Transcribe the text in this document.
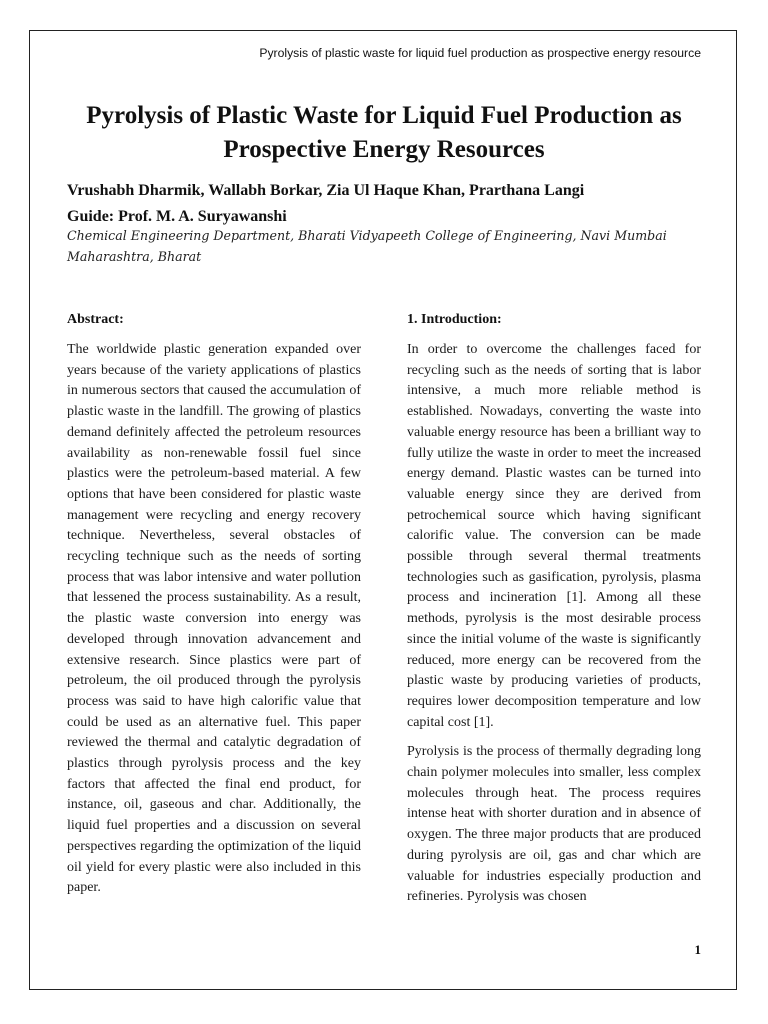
Pyrolysis of plastic waste for liquid fuel production as prospective energy resource
Pyrolysis of Plastic Waste for Liquid Fuel Production as
Prospective Energy Resources
Vrushabh Dharmik, Wallabh Borkar, Zia Ul Haque Khan, Prarthana Langi
Guide: Prof. M. A. Suryawanshi
Chemical Engineering Department, Bharati Vidyapeeth College of Engineering, Navi Mumbai
Maharashtra, Bharat
Abstract:

The worldwide plastic generation expanded over years because of the variety applications of plastics in numerous sectors that caused the accumulation of plastic waste in the landfill. The growing of plastics demand definitely affected the petroleum resources availability as non-renewable fossil fuel since plastics were the petroleum-based material. A few options that have been considered for plastic waste management were recycling and energy recovery technique. Nevertheless, several obstacles of recycling technique such as the needs of sorting process that was labor intensive and water pollution that lessened the process sustainability. As a result, the plastic waste conversion into energy was developed through innovation advancement and extensive research. Since plastics were part of petroleum, the oil produced through the pyrolysis process was said to have high calorific value that could be used as an alternative fuel. This paper reviewed the thermal and catalytic degradation of plastics through pyrolysis process and the key factors that affected the final end product, for instance, oil, gaseous and char. Additionally, the liquid fuel properties and a discussion on several perspectives regarding the optimization of the liquid oil yield for every plastic were also included in this paper.

1. Introduction:

In order to overcome the challenges faced for recycling such as the needs of sorting that is labor intensive, a much more reliable method is established. Nowadays, converting the waste into valuable energy resource has been a brilliant way to fully utilize the waste in order to meet the increased energy demand. Plastic wastes can be turned into valuable energy since they are derived from petrochemical source which having significant calorific value. The conversion can be made possible through several thermal treatments technologies such as gasification, pyrolysis, plasma process and incineration [1]. Among all these methods, pyrolysis is the most desirable process since the initial volume of the waste is significantly reduced, more energy can be recovered from the plastic waste by producing varieties of products, requires lower decomposition temperature and low capital cost [1].

Pyrolysis is the process of thermally degrading long chain polymer molecules into smaller, less complex molecules through heat. The process requires intense heat with shorter duration and in absence of oxygen. The three major products that are produced during pyrolysis are oil, gas and char which are valuable for industries especially production and refineries. Pyrolysis was chosen

1
